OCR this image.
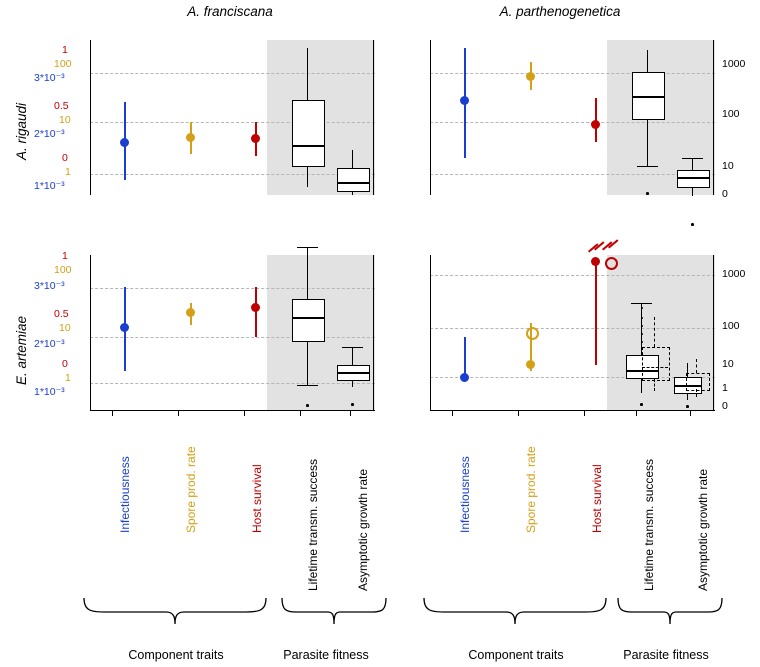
A. franciscana	A. parthenogenetica
A. rigaudi
E. artemiae
1
100
3*10⁻³
0.5
10
2*10⁻³
0
1
1*10⁻³
1000
100
10
0
1
100
3*10⁻³
0.5
10
2*10⁻³
0
1
1*10⁻³
1000
100
10
1
0
Infectiousness	Spore prod. rate	Host survival	Lifetime transm. success	Asymptotic growth rate	Infectiousness	Spore prod. rate	Host survival	Lifetime transm. success	Asymptotic growth rate
Component traits	Parasite fitness	Component traits	Parasite fitness
